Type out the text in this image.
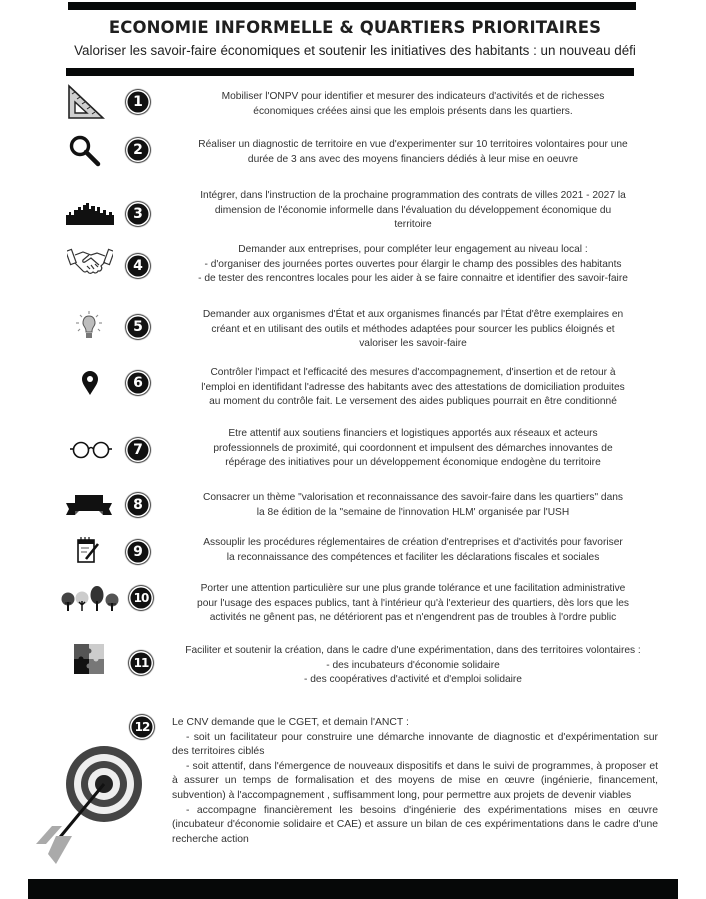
ECONOMIE INFORMELLE & QUARTIERS PRIORITAIRES
Valoriser les savoir-faire économiques et soutenir les initiatives des habitants : un nouveau défi
1	Mobiliser l'ONPV pour identifier et mesurer des indicateurs d'activités et de richesses
économiques créées ainsi que les emplois présents dans les quartiers.
2	Réaliser un diagnostic de territoire en vue d'experimenter sur 10 territoires volontaires pour une
durée de 3 ans avec des moyens financiers dédiés à leur mise en oeuvre
3
Intégrer, dans l'instruction de la prochaine programmation des contrats de villes 2021 - 2027 la
dimension de l'économie informelle dans l'évaluation du développement économique du
territoire
4
Demander aux entreprises, pour compléter leur engagement au niveau local :
- d'organiser des journées portes ouvertes pour élargir le champ des possibles des habitants
- de tester des rencontres locales pour les aider à se faire connaitre et identifier des savoir-faire
5
Demander aux organismes d'État et aux organismes financés par l'État d'être exemplaires en
créant et en utilisant des outils et méthodes adaptées pour sourcer les publics éloignés et
valoriser les savoir-faire
6
Contrôler l'impact et l'efficacité des mesures d'accompagnement, d'insertion et de retour à
l'emploi en identifidant l'adresse des habitants avec des attestations de domiciliation produites
au moment du contrôle fait. Le versement des aides publiques pourrait en être conditionné
7
Etre attentif aux soutiens financiers et logistiques apportés aux réseaux et acteurs
professionnels de proximité, qui coordonnent et impulsent des démarches innovantes de
répérage des initiatives pour un développement économique endogène du territoire
8	Consacrer un thème "valorisation et reconnaissance des savoir-faire dans les quartiers" dans
la 8e édition de la "semaine de l'innovation HLM' organisée par l'USH
9
Assouplir les procédures réglementaires de création d'entreprises et d'activités pour favoriser
la reconnaissance des compétences et faciliter les déclarations fiscales et sociales
10
Porter une attention particulière sur une plus grande tolérance et une facilitation administrative
pour l'usage des espaces publics, tant à l'intérieur qu'à l'exterieur des quartiers, dès lors que les
activités ne gênent pas, ne détériorent pas et n'engendrent pas de troubles à l'ordre public
11
Faciliter et soutenir la création, dans le cadre d'une expérimentation, dans des territoires volontaires :
- des incubateurs d'économie solidaire
- des coopératives d'activité et d'emploi solidaire
12	Le CNV demande que le CGET, et demain l'ANCT :

- soit un facilitateur pour construire une démarche innovante de diagnostic et d'expérimentation sur des territoires ciblés

- soit attentif, dans l'émergence de nouveaux dispositifs et dans le suivi de programmes, à proposer et à assurer un temps de formalisation et des moyens de mise en œuvre (ingénierie, financement, subvention) à l'accompagnement , suffisamment long, pour permettre aux projets de devenir viables

- accompagne financièrement les besoins d'ingénierie des expérimentations mises en œuvre (incubateur d'économie solidaire et CAE) et assure un bilan de ces expérimentations dans le cadre d'une recherche action
